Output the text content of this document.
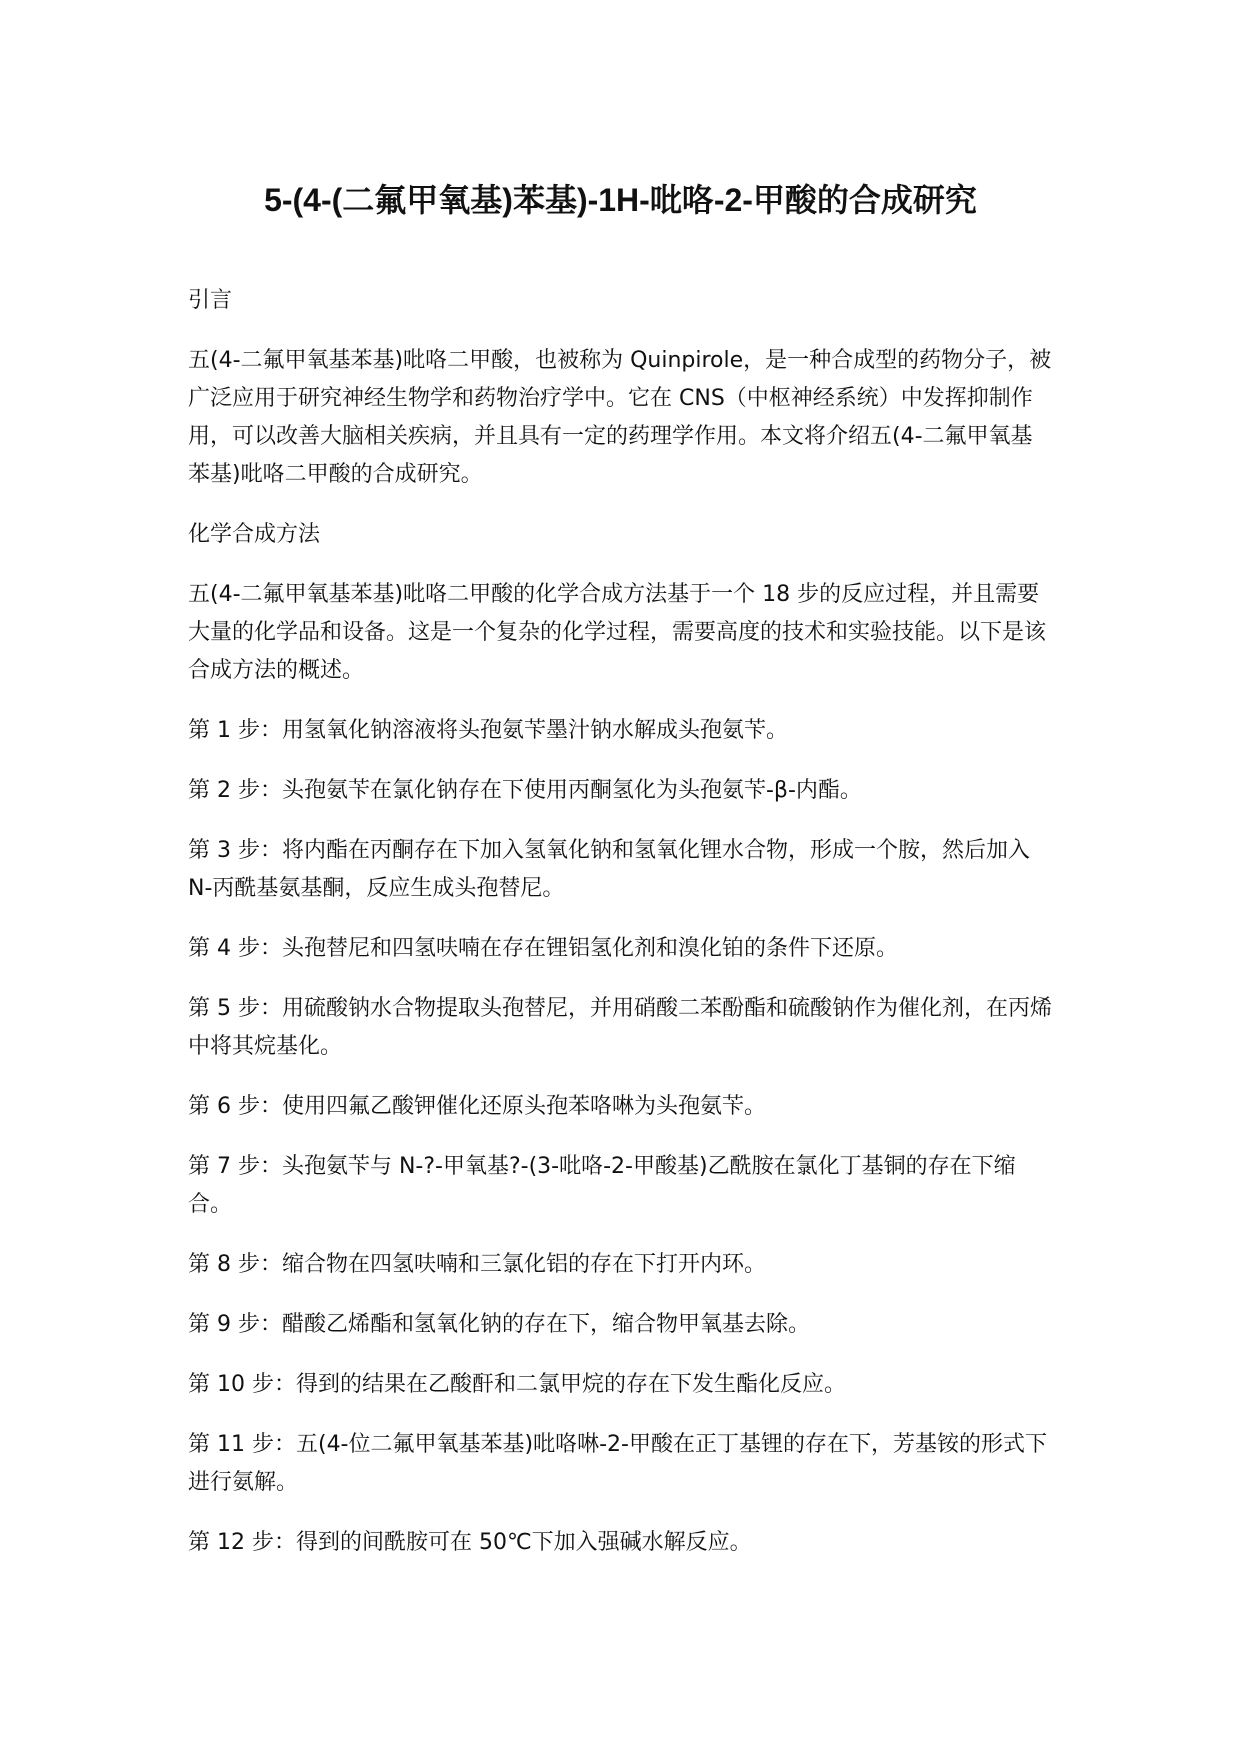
5-(4-(二氟甲氧基)苯基)-1H-吡咯-2-甲酸的合成研究

引言

五(4-二氟甲氧基苯基)吡咯二甲酸，也被称为 Quinpirole，是一种合成型的药物分子，被广泛应用于研究神经生物学和药物治疗学中。它在 CNS（中枢神经系统）中发挥抑制作用，可以改善大脑相关疾病，并且具有一定的药理学作用。本文将介绍五(4-二氟甲氧基苯基)吡咯二甲酸的合成研究。

化学合成方法

五(4-二氟甲氧基苯基)吡咯二甲酸的化学合成方法基于一个 18 步的反应过程，并且需要大量的化学品和设备。这是一个复杂的化学过程，需要高度的技术和实验技能。以下是该合成方法的概述。

第 1 步：用氢氧化钠溶液将头孢氨苄墨汁钠水解成头孢氨苄。

第 2 步：头孢氨苄在氯化钠存在下使用丙酮氢化为头孢氨苄-β-内酯。

第 3 步：将内酯在丙酮存在下加入氢氧化钠和氢氧化锂水合物，形成一个胺，然后加入 N-丙酰基氨基酮，反应生成头孢替尼。

第 4 步：头孢替尼和四氢呋喃在存在锂铝氢化剂和溴化铂的条件下还原。

第 5 步：用硫酸钠水合物提取头孢替尼，并用硝酸二苯酚酯和硫酸钠作为催化剂，在丙烯中将其烷基化。

第 6 步：使用四氟乙酸钾催化还原头孢苯咯啉为头孢氨苄。

第 7 步：头孢氨苄与 N-?-甲氧基?-(3-吡咯-2-甲酸基)乙酰胺在氯化丁基铜的存在下缩合。

第 8 步：缩合物在四氢呋喃和三氯化铝的存在下打开内环。

第 9 步：醋酸乙烯酯和氢氧化钠的存在下，缩合物甲氧基去除。

第 10 步：得到的结果在乙酸酐和二氯甲烷的存在下发生酯化反应。

第 11 步：五(4-位二氟甲氧基苯基)吡咯啉-2-甲酸在正丁基锂的存在下，芳基铵的形式下进行氨解。

第 12 步：得到的间酰胺可在 50℃下加入强碱水解反应。
